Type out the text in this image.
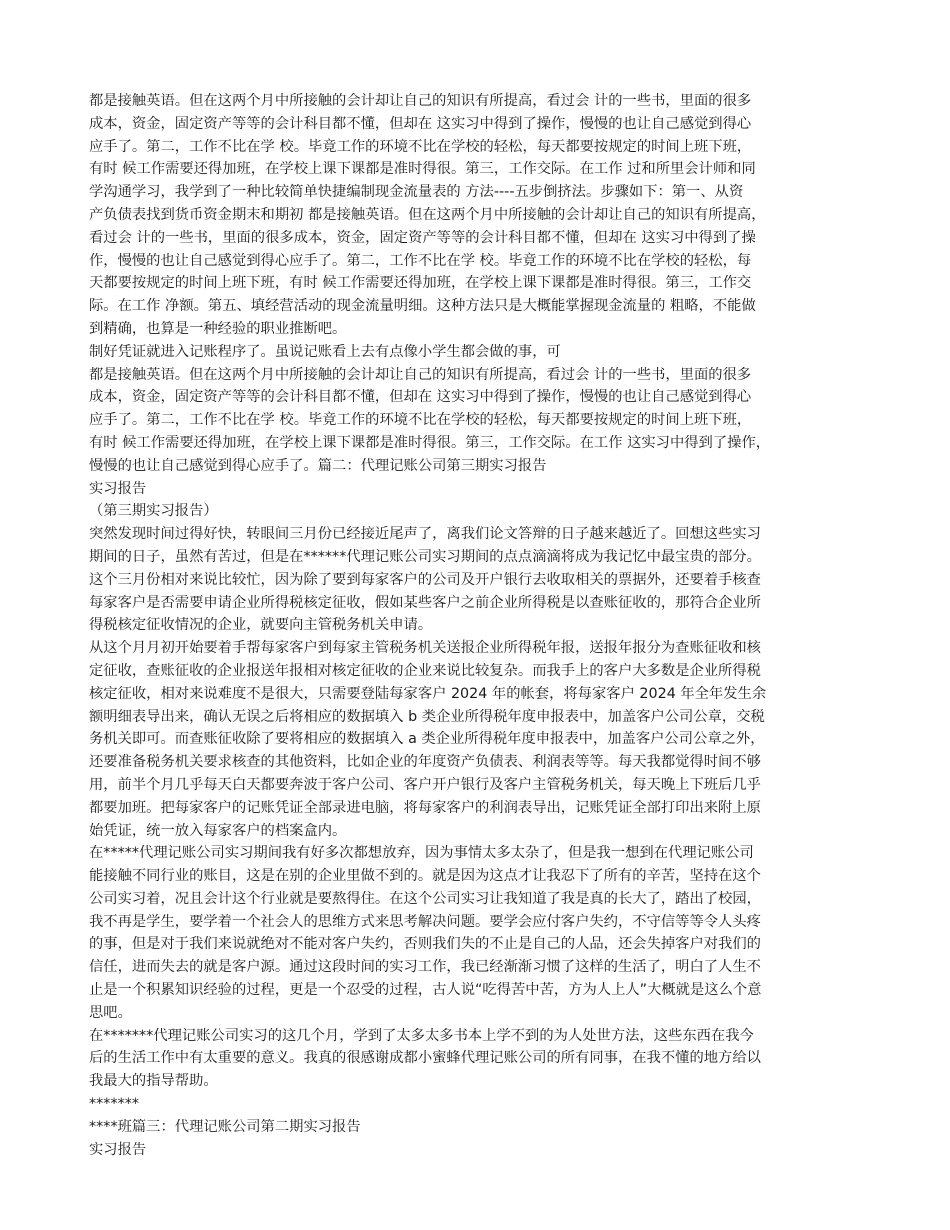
都是接触英语。但在这两个月中所接触的会计却让自己的知识有所提高，看过会 计的一些书，里面的很多
成本，资金，固定资产等等的会计科目都不懂，但却在 这实习中得到了操作，慢慢的也让自己感觉到得心
应手了。第二，工作不比在学 校。毕竟工作的环境不比在学校的轻松，每天都要按规定的时间上班下班，
有时 候工作需要还得加班，在学校上课下课都是准时得很。第三，工作交际。在工作 过和所里会计师和同
学沟通学习，我学到了一种比较简单快捷编制现金流量表的 方法----五步倒挤法。步骤如下：第一、从资
产负债表找到货币资金期末和期初 都是接触英语。但在这两个月中所接触的会计却让自己的知识有所提高，
看过会 计的一些书，里面的很多成本，资金，固定资产等等的会计科目都不懂，但却在 这实习中得到了操
作，慢慢的也让自己感觉到得心应手了。第二，工作不比在学 校。毕竟工作的环境不比在学校的轻松，每
天都要按规定的时间上班下班，有时 候工作需要还得加班，在学校上课下课都是准时得很。第三，工作交
际。在工作 净额。第五、填经营活动的现金流量明细。这种方法只是大概能掌握现金流量的 粗略，不能做
到精确，也算是一种经验的职业推断吧。
制好凭证就进入记账程序了。虽说记账看上去有点像小学生都会做的事，可
都是接触英语。但在这两个月中所接触的会计却让自己的知识有所提高，看过会 计的一些书，里面的很多
成本，资金，固定资产等等的会计科目都不懂，但却在 这实习中得到了操作，慢慢的也让自己感觉到得心
应手了。第二，工作不比在学 校。毕竟工作的环境不比在学校的轻松，每天都要按规定的时间上班下班，
有时 候工作需要还得加班，在学校上课下课都是准时得很。第三，工作交际。在工作 这实习中得到了操作，
慢慢的也让自己感觉到得心应手了。篇二：代理记账公司第三期实习报告
实习报告
（第三期实习报告）
突然发现时间过得好快，转眼间三月份已经接近尾声了，离我们论文答辩的日子越来越近了。回想这些实习
期间的日子，虽然有苦过，但是在******代理记账公司实习期间的点点滴滴将成为我记忆中最宝贵的部分。
这个三月份相对来说比较忙，因为除了要到每家客户的公司及开户银行去收取相关的票据外，还要着手核查
每家客户是否需要申请企业所得税核定征收，假如某些客户之前企业所得税是以查账征收的，那符合企业所
得税核定征收情况的企业，就要向主管税务机关申请。
从这个月月初开始要着手帮每家客户到每家主管税务机关送报企业所得税年报，送报年报分为查账征收和核
定征收，查账征收的企业报送年报相对核定征收的企业来说比较复杂。而我手上的客户大多数是企业所得税
核定征收，相对来说难度不是很大，只需要登陆每家客户 2024 年的帐套，将每家客户 2024 年全年发生余
额明细表导出来，确认无误之后将相应的数据填入 b 类企业所得税年度申报表中，加盖客户公司公章，交税
务机关即可。而查账征收除了要将相应的数据填入 a 类企业所得税年度申报表中，加盖客户公司公章之外，
还要准备税务机关要求核查的其他资料，比如企业的年度资产负债表、利润表等等。每天我都觉得时间不够
用，前半个月几乎每天白天都要奔波于客户公司、客户开户银行及客户主管税务机关，每天晚上下班后几乎
都要加班。把每家客户的记账凭证全部录进电脑，将每家客户的利润表导出，记账凭证全部打印出来附上原
始凭证，统一放入每家客户的档案盒内。
在*****代理记账公司实习期间我有好多次都想放弃，因为事情太多太杂了，但是我一想到在代理记账公司
能接触不同行业的账目，这是在别的企业里做不到的。就是因为这点才让我忍下了所有的辛苦，坚持在这个
公司实习着，况且会计这个行业就是要熬得住。在这个公司实习让我知道了我是真的长大了，踏出了校园，
我不再是学生，要学着一个社会人的思维方式来思考解决问题。要学会应付客户失约，不守信等等令人头疼
的事，但是对于我们来说就绝对不能对客户失约，否则我们失的不止是自己的人品，还会失掉客户对我们的
信任，进而失去的就是客户源。通过这段时间的实习工作，我已经渐渐习惯了这样的生活了，明白了人生不
止是一个积累知识经验的过程，更是一个忍受的过程，古人说“吃得苦中苦，方为人上人”大概就是这么个意
思吧。
在*******代理记账公司实习的这几个月，学到了太多太多书本上学不到的为人处世方法，这些东西在我今
后的生活工作中有太重要的意义。我真的很感谢成都小蜜蜂代理记账公司的所有同事，在我不懂的地方给以
我最大的指导帮助。
*******
****班篇三：代理记账公司第二期实习报告
实习报告
